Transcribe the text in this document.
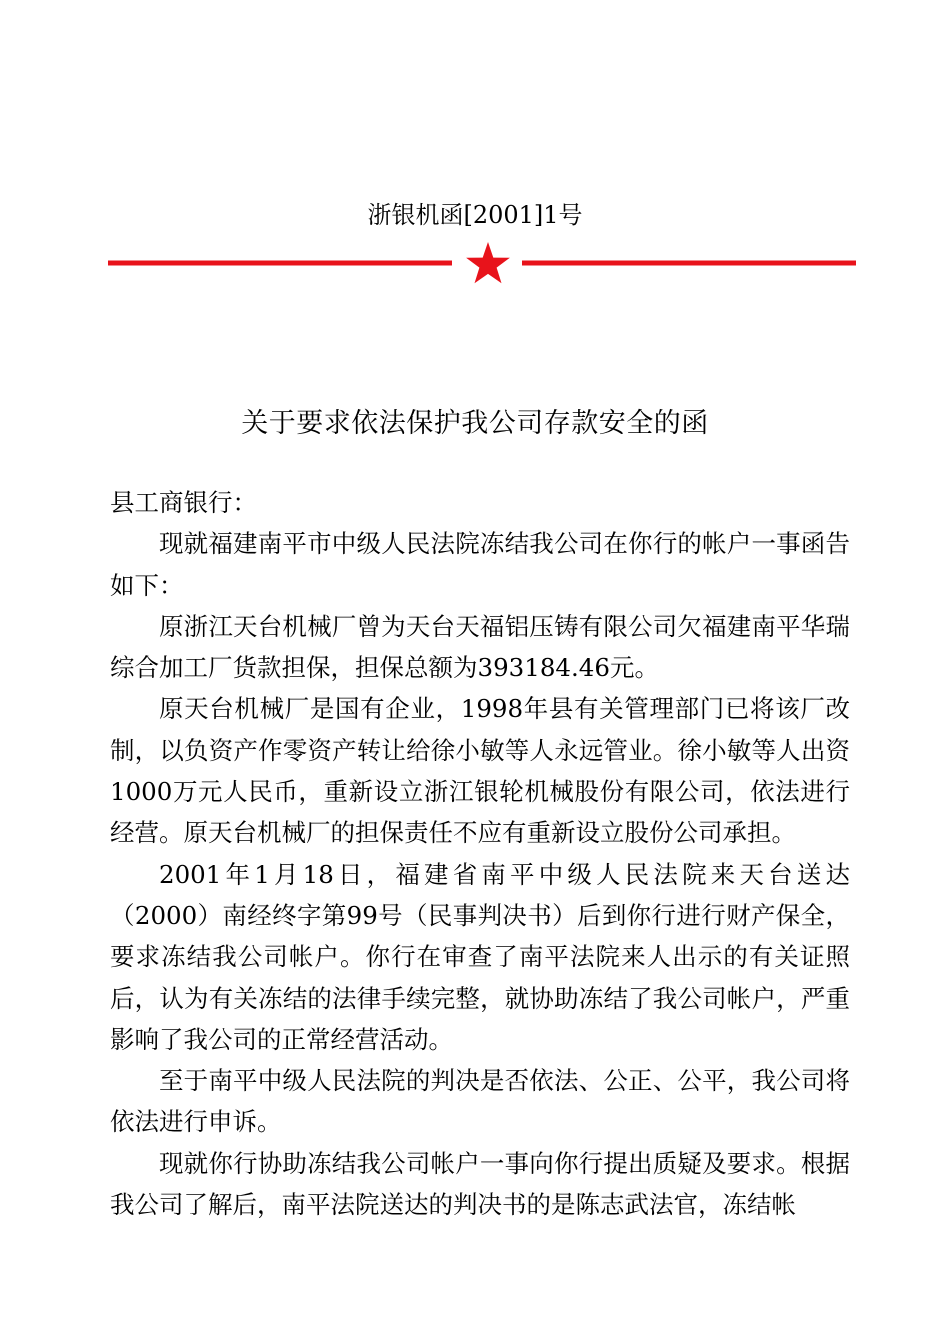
浙银机函[2001]1号
关于要求依法保护我公司存款安全的函

县工商银行：

现就福建南平市中级人民法院冻结我公司在你行的帐户一事函告如下：

原浙江天台机械厂曾为天台天福铝压铸有限公司欠福建南平华瑞综合加工厂货款担保，担保总额为393184.46元。

原天台机械厂是国有企业，1998年县有关管理部门已将该厂改制，以负资产作零资产转让给徐小敏等人永远管业。徐小敏等人出资1000万元人民币，重新设立浙江银轮机械股份有限公司，依法进行经营。原天台机械厂的担保责任不应有重新设立股份公司承担。

2001年1月18日，福建省南平中级人民法院来天台送达（2000）南经终字第99号（民事判决书）后到你行进行财产保全，要求冻结我公司帐户。你行在审查了南平法院来人出示的有关证照后，认为有关冻结的法律手续完整，就协助冻结了我公司帐户，严重影响了我公司的正常经营活动。

至于南平中级人民法院的判决是否依法、公正、公平，我公司将依法进行申诉。

现就你行协助冻结我公司帐户一事向你行提出质疑及要求。根据我公司了解后，南平法院送达的判决书的是陈志武法官，冻结帐
